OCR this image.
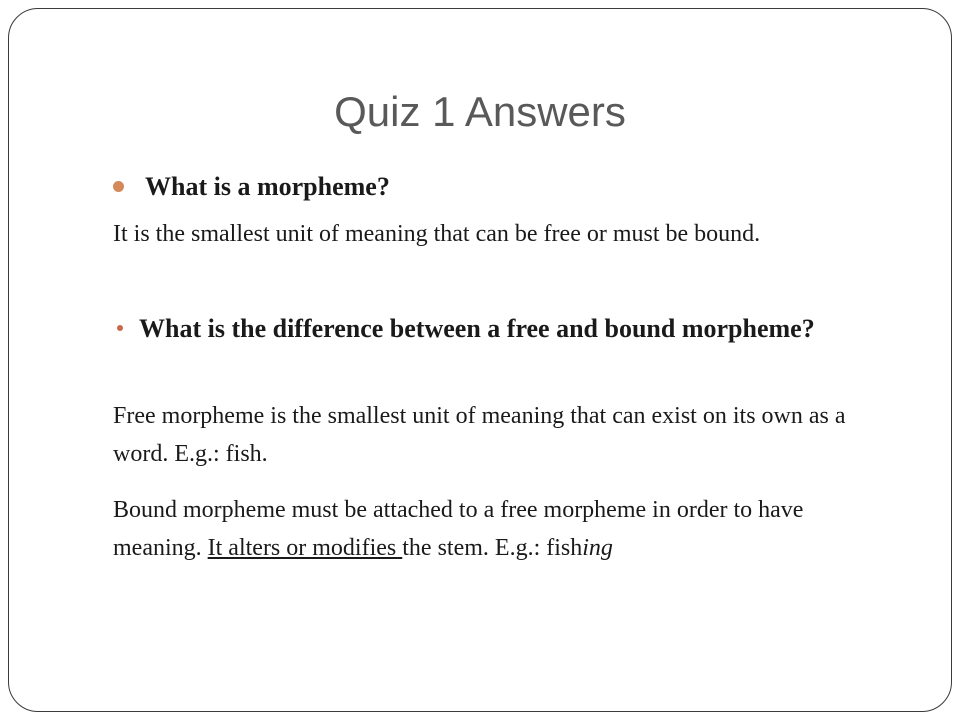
Quiz 1 Answers
What is a morpheme?
It is the smallest unit of meaning that can be free or must be bound.
What is the difference between a free and bound morpheme?
Free morpheme is the smallest unit of meaning that can exist on its own as a word. E.g.: fish.
Bound morpheme must be attached to a free morpheme in order to have meaning. It alters or modifies the stem. E.g.: fishing
